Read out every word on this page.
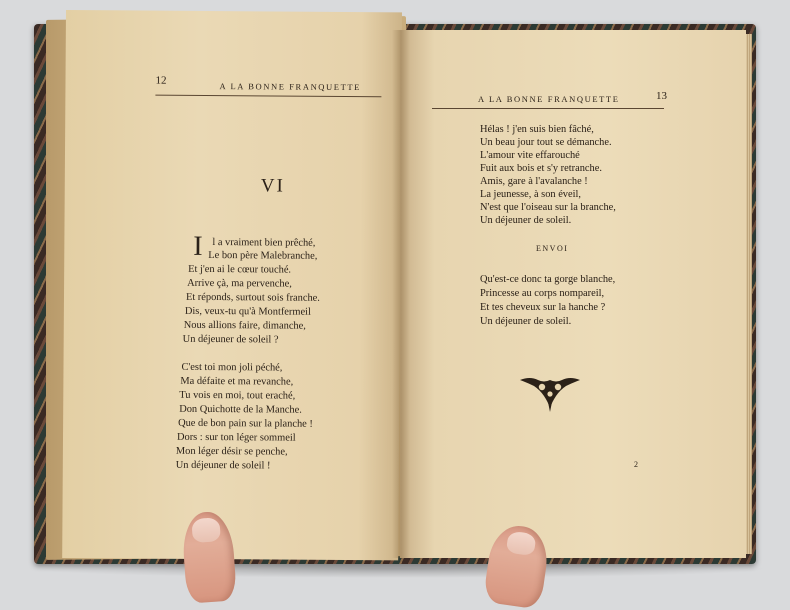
12	A LA BONNE FRANQUETTE
VI
I l a vraiment bien prêché,
Le bon père Malebranche,
Et j'en ai le cœur touché.
Arrive çà, ma pervenche,
Et réponds, surtout sois franche.
Dis, veux-tu qu'à Montfermeil
Nous allions faire, dimanche,
Un déjeuner de soleil ?
C'est toi mon joli péché,
Ma défaite et ma revanche,
Tu vois en moi, tout eraché,
Don Quichotte de la Manche.
Que de bon pain sur la planche !
Dors : sur ton léger sommeil
Mon léger désir se penche,
Un déjeuner de soleil !
A LA BONNE FRANQUETTE	13
Hélas ! j'en suis bien fâché,
Un beau jour tout se démanche.
L'amour vite effarouché
Fuit aux bois et s'y retranche.
Amis, gare à l'avalanche !
La jeunesse, à son éveil,
N'est que l'oiseau sur la branche,
Un déjeuner de soleil.
ENVOI
Qu'est-ce donc ta gorge blanche,
Princesse au corps nompareil,
Et tes cheveux sur la hanche ?
Un déjeuner de soleil.
2
